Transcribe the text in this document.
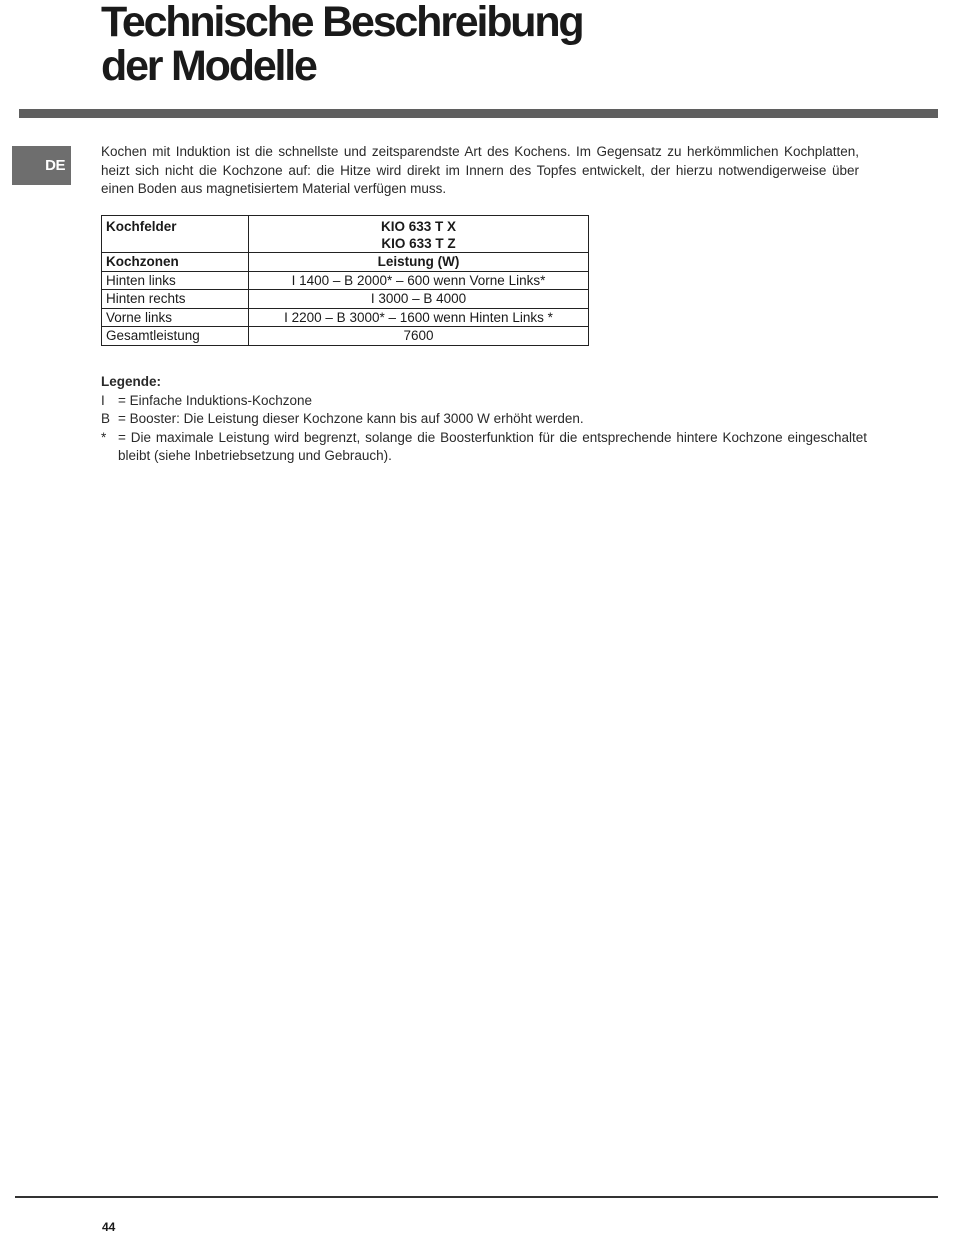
Technische Beschreibung
der Modelle
DE

Kochen mit Induktion ist die schnellste und zeitsparendste Art des Kochens. Im Gegensatz zu herkömmlichen Kochplatten, heizt sich nicht die Kochzone auf: die Hitze wird direkt im Innern des Topfes entwickelt, der hierzu notwendigerweise über einen Boden aus magnetisiertem Material verfügen muss.

Kochfelder	KIO 633 T X
KIO 633 T Z

Kochzonen	Leistung (W)
Hinten links	I 1400 – B 2000* – 600 wenn Vorne Links*
Hinten rechts	I 3000 – B 4000
Vorne links	I 2200 – B 3000* – 1600 wenn Hinten Links *
Gesamtleistung	7600

Legende:

I = Einfache Induktions-Kochzone
B = Booster: Die Leistung dieser Kochzone kann bis auf 3000 W erhöht werden.
* = Die maximale Leistung wird begrenzt, solange die Boosterfunktion für die entsprechende hintere Kochzone eingeschaltet bleibt (siehe Inbetriebsetzung und Gebrauch).
44
